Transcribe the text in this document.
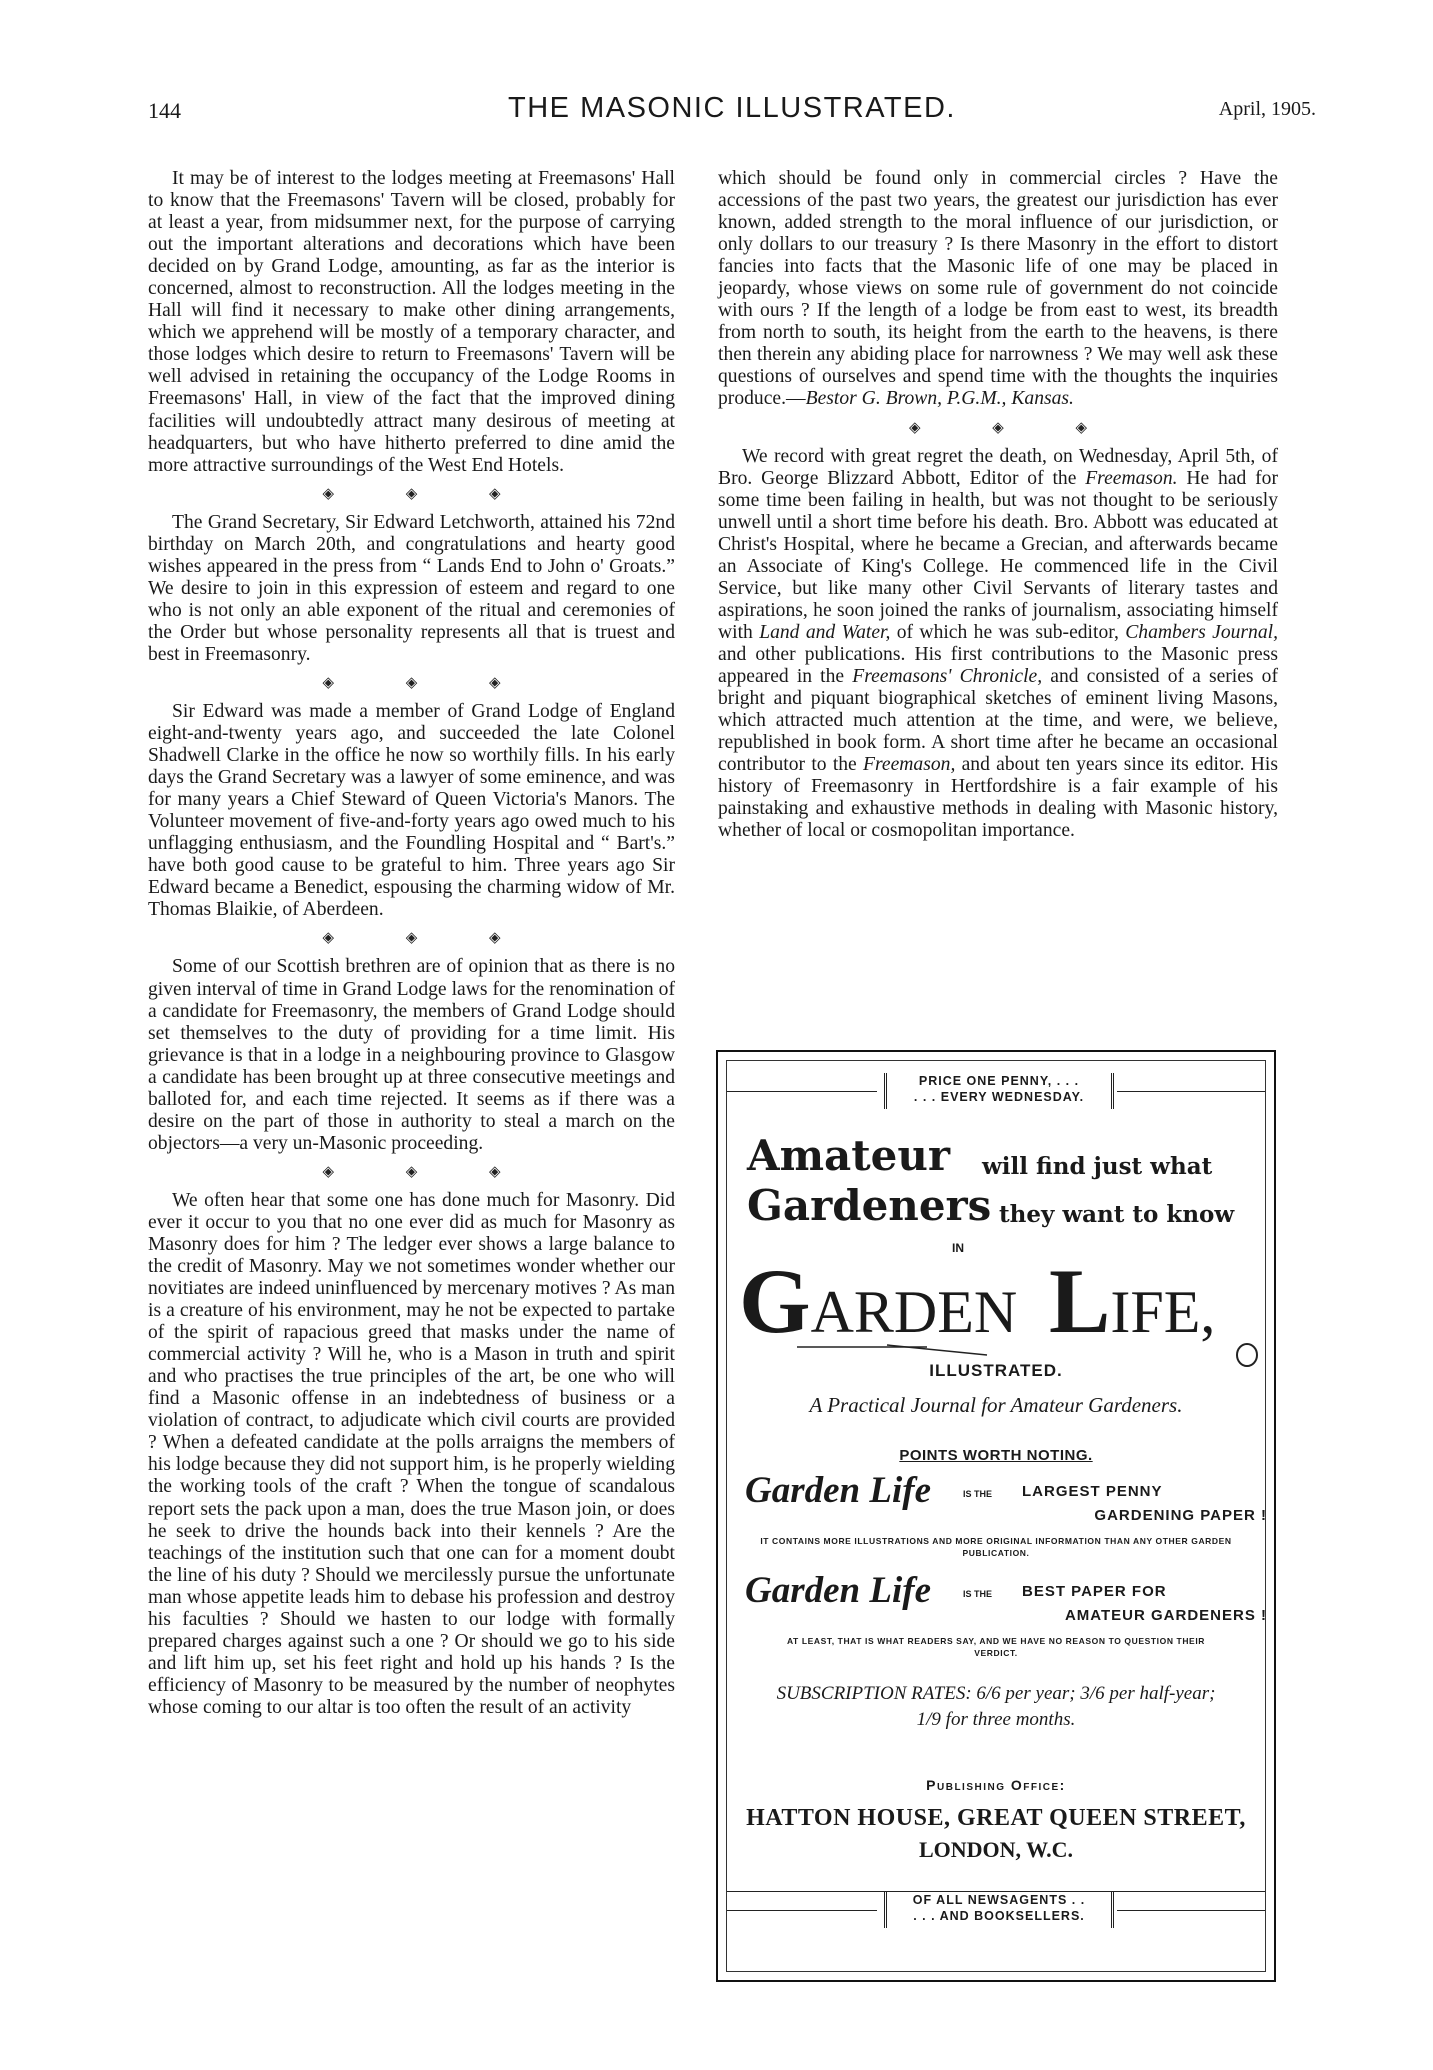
144	THE MASONIC ILLUSTRATED.	April, 1905.

It may be of interest to the lodges meeting at Freemasons' Hall to know that the Freemasons' Tavern will be closed, probably for at least a year, from midsummer next, for the purpose of carrying out the important alterations and decorations which have been decided on by Grand Lodge, amounting, as far as the interior is concerned, almost to reconstruction. All the lodges meeting in the Hall will find it necessary to make other dining arrangements, which we apprehend will be mostly of a temporary character, and those lodges which desire to return to Freemasons' Tavern will be well advised in retaining the occupancy of the Lodge Rooms in Freemasons' Hall, in view of the fact that the improved dining facilities will undoubtedly attract many desirous of meeting at headquarters, but who have hitherto preferred to dine amid the more attractive surroundings of the West End Hotels.

◈ ◈ ◈

The Grand Secretary, Sir Edward Letchworth, attained his 72nd birthday on March 20th, and congratulations and hearty good wishes appeared in the press from “ Lands End to John o' Groats.” We desire to join in this expression of esteem and regard to one who is not only an able exponent of the ritual and ceremonies of the Order but whose personality represents all that is truest and best in Freemasonry.

◈ ◈ ◈

Sir Edward was made a member of Grand Lodge of England eight-and-twenty years ago, and succeeded the late Colonel Shadwell Clarke in the office he now so worthily fills. In his early days the Grand Secretary was a lawyer of some eminence, and was for many years a Chief Steward of Queen Victoria's Manors. The Volunteer movement of five-and-forty years ago owed much to his unflagging enthusiasm, and the Foundling Hospital and “ Bart's.” have both good cause to be grateful to him. Three years ago Sir Edward became a Benedict, espousing the charming widow of Mr. Thomas Blaikie, of Aberdeen.

◈ ◈ ◈

Some of our Scottish brethren are of opinion that as there is no given interval of time in Grand Lodge laws for the renomination of a candidate for Freemasonry, the members of Grand Lodge should set themselves to the duty of providing for a time limit. His grievance is that in a lodge in a neighbouring province to Glasgow a candidate has been brought up at three consecutive meetings and balloted for, and each time rejected. It seems as if there was a desire on the part of those in authority to steal a march on the objectors—a very un-Masonic proceeding.

◈ ◈ ◈

We often hear that some one has done much for Masonry. Did ever it occur to you that no one ever did as much for Masonry as Masonry does for him ? The ledger ever shows a large balance to the credit of Masonry. May we not sometimes wonder whether our novitiates are indeed uninfluenced by mercenary motives ? As man is a creature of his environment, may he not be expected to partake of the spirit of rapacious greed that masks under the name of commercial activity ? Will he, who is a Mason in truth and spirit and who practises the true principles of the art, be one who will find a Masonic offense in an indebtedness of business or a violation of contract, to adjudicate which civil courts are provided ? When a defeated candidate at the polls arraigns the members of his lodge because they did not support him, is he properly wielding the working tools of the craft ? When the tongue of scandalous report sets the pack upon a man, does the true Mason join, or does he seek to drive the hounds back into their kennels ? Are the teachings of the institution such that one can for a moment doubt the line of his duty ? Should we mercilessly pursue the unfortunate man whose appetite leads him to debase his profession and destroy his faculties ? Should we hasten to our lodge with formally prepared charges against such a one ? Or should we go to his side and lift him up, set his feet right and hold up his hands ? Is the efficiency of Masonry to be measured by the number of neophytes whose coming to our altar is too often the result of an activity

which should be found only in commercial circles ? Have the accessions of the past two years, the greatest our jurisdiction has ever known, added strength to the moral influence of our jurisdiction, or only dollars to our treasury ? Is there Masonry in the effort to distort fancies into facts that the Masonic life of one may be placed in jeopardy, whose views on some rule of government do not coincide with ours ? If the length of a lodge be from east to west, its breadth from north to south, its height from the earth to the heavens, is there then therein any abiding place for narrowness ? We may well ask these questions of ourselves and spend time with the thoughts the inquiries produce.—Bestor G. Brown, P.G.M., Kansas.

◈ ◈ ◈

We record with great regret the death, on Wednesday, April 5th, of Bro. George Blizzard Abbott, Editor of the Freemason. He had for some time been failing in health, but was not thought to be seriously unwell until a short time before his death. Bro. Abbott was educated at Christ's Hospital, where he became a Grecian, and afterwards became an Associate of King's College. He commenced life in the Civil Service, but like many other Civil Servants of literary tastes and aspirations, he soon joined the ranks of journalism, associating himself with Land and Water, of which he was sub-editor, Chambers Journal, and other publications. His first contributions to the Masonic press appeared in the Freemasons' Chronicle, and consisted of a series of bright and piquant biographical sketches of eminent living Masons, which attracted much attention at the time, and were, we believe, republished in book form. A short time after he became an occasional contributor to the Freemason, and about ten years since its editor. His history of Freemasonry in Hertfordshire is a fair example of his painstaking and exhaustive methods in dealing with Masonic history, whether of local or cosmopolitan importance.

PRICE ONE PENNY, . . .
. . . EVERY WEDNESDAY.
Amateur
Gardeners
will find just what
they want to know
IN
GARDEN LIFE,
ILLUSTRATED.
A Practical Journal for Amateur Gardeners.
POINTS WORTH NOTING.
Garden Life	IS THE LARGEST PENNY
GARDENING PAPER !
IT CONTAINS MORE ILLUSTRATIONS AND MORE ORIGINAL INFORMATION THAN ANY OTHER GARDEN PUBLICATION.
Garden Life	IS THE BEST PAPER FOR
AMATEUR GARDENERS !
AT LEAST, THAT IS WHAT READERS SAY, AND WE HAVE NO REASON TO QUESTION THEIR VERDICT.
SUBSCRIPTION RATES: 6/6 per year; 3/6 per half-year;
1/9 for three months.
Publishing Office:
HATTON HOUSE, GREAT QUEEN STREET,
LONDON, W.C.
OF ALL NEWSAGENTS . .
. . . AND BOOKSELLERS.
